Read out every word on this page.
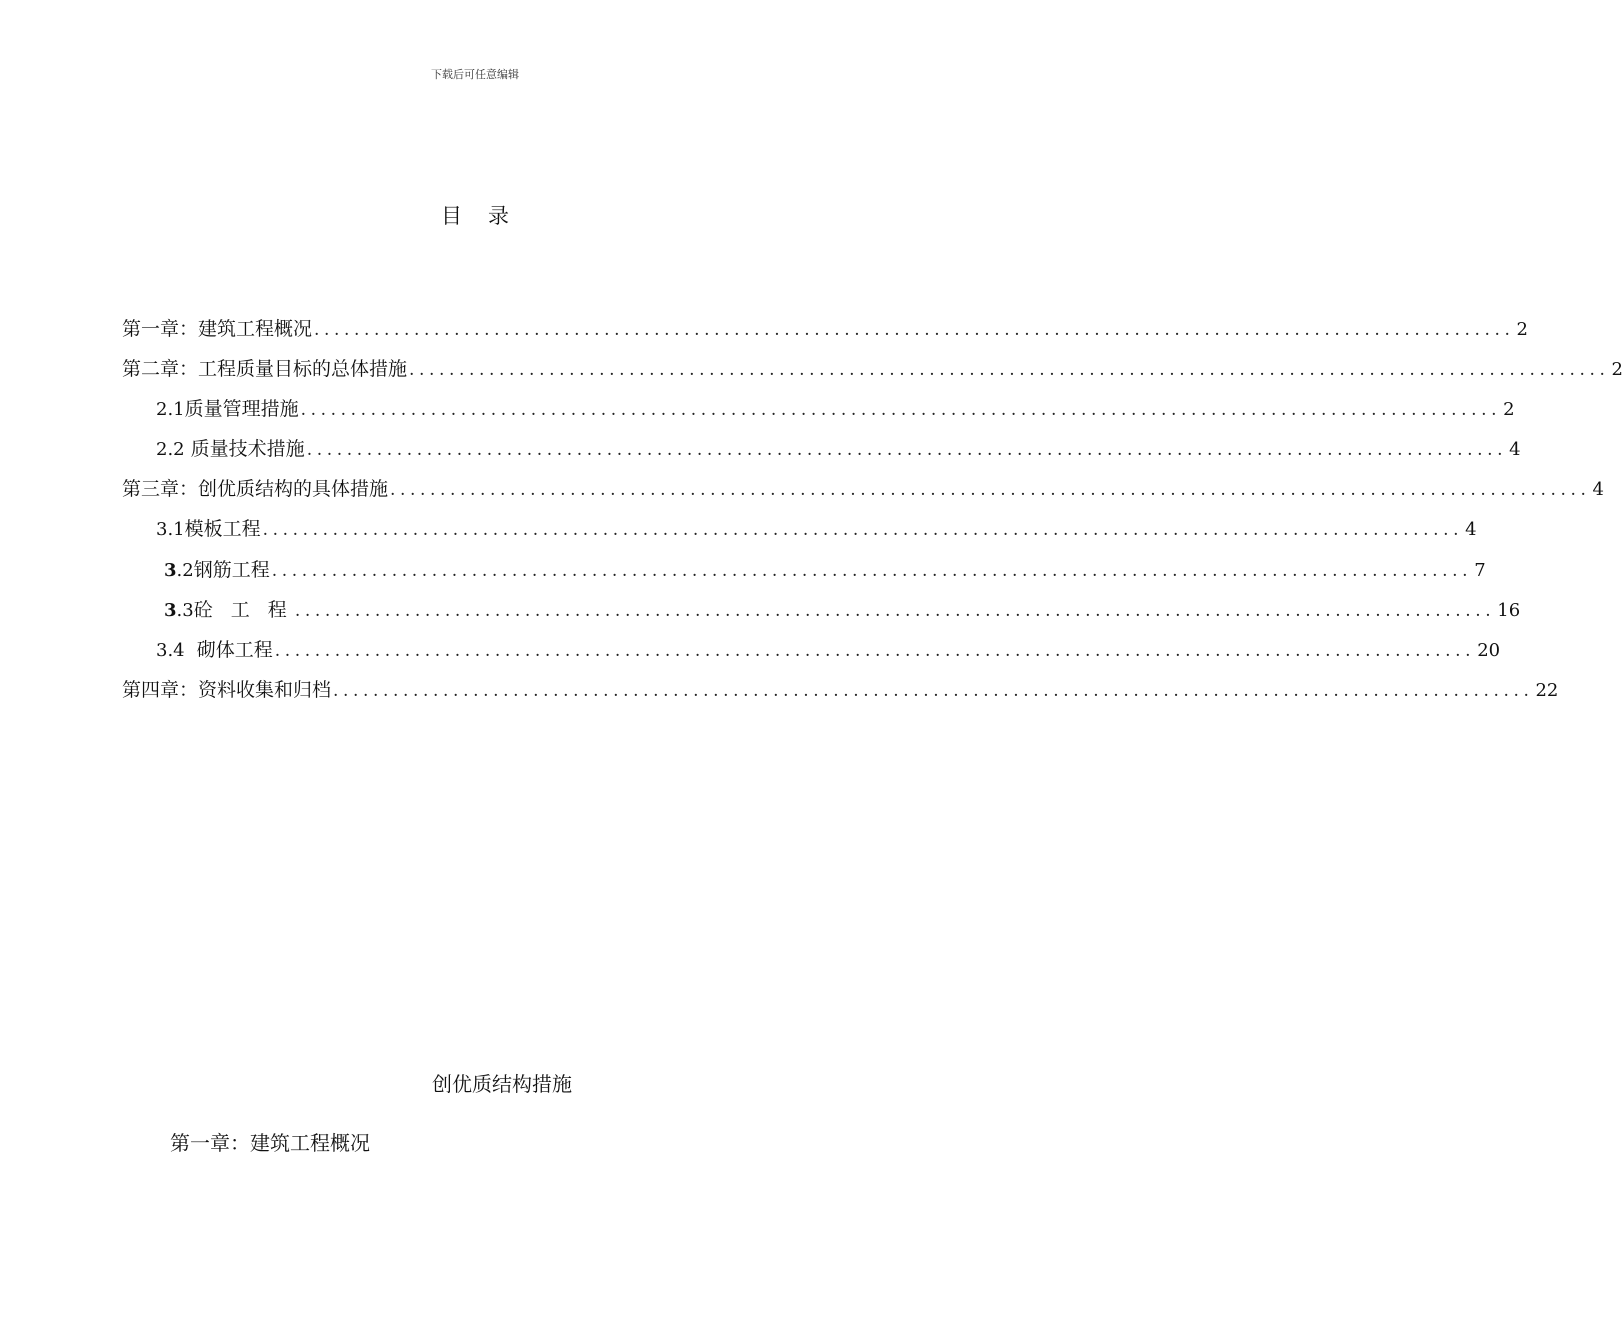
下载后可任意编辑
目录
第一章：建筑工程概况 ........................................................................................................................ 2
第二章：工程质量目标的总体措施 ........................................................................................................................ 2
2.1 质量管理措施 ........................................................................................................................ 2
2.2 质量技术措施 ........................................................................................................................ 4
第三章：创优质结构的具体措施 ........................................................................................................................ 4
3.1 模板工程 ........................................................................................................................ 4
3 .2 钢筋工程 ........................................................................................................................ 7
3 .3 砼 工 程 ........................................................................................................................ 16
3.4 砌体工程 ........................................................................................................................ 20
第四章：资料收集和归档 ........................................................................................................................ 22
创优质结构措施
第一章：建筑工程概况
